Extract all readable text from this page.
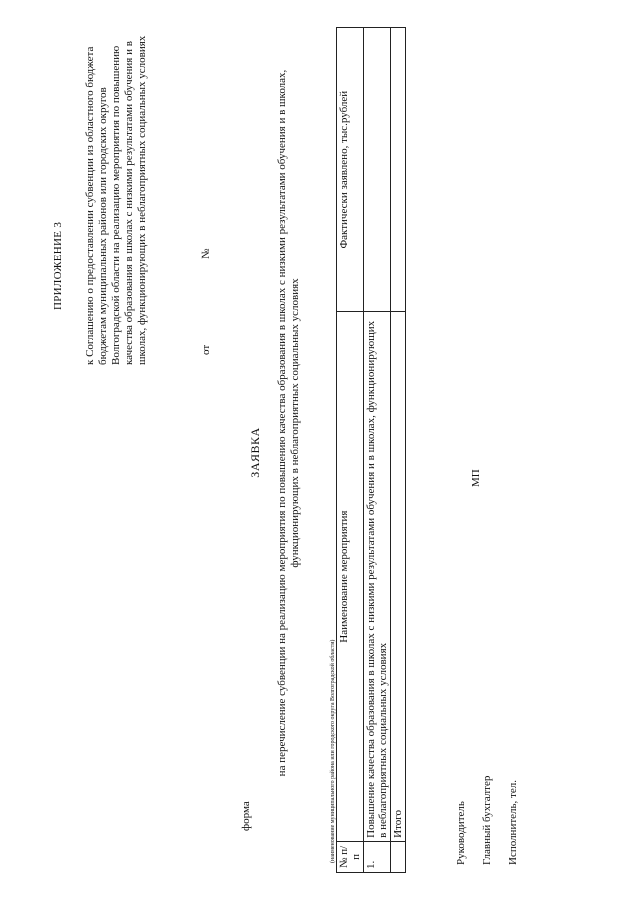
ПРИЛОЖЕНИЕ 3 к Соглашению о предоставлении субвенции из областного бюджета бюджетам муниципальных районов или городских округов Волгоградской области на реализацию мероприятия по повышению качества образования в школах с низкими результатами обучения и в школах, функционирующих в неблагоприятных социальных условиях	от
№
форма
ЗАЯВКА на перечисление субвенции на реализацию мероприятия по повышению качества образования в школах с низкими результатами обучения и в школах, функционирующих в неблагоприятных социальных условиях
(наименование муниципального района или городского округа Волгоградской области) № п/п	Наименование мероприятия	Фактически заявлено, тыс.рублей
1.	Повышение качества образования в школах с низкими результатами обучения и в школах, функционирующих в неблагоприятных социальных условиях	
	Итого	
МП
Руководитель Главный бухгалтер Исполнитель, тел.
